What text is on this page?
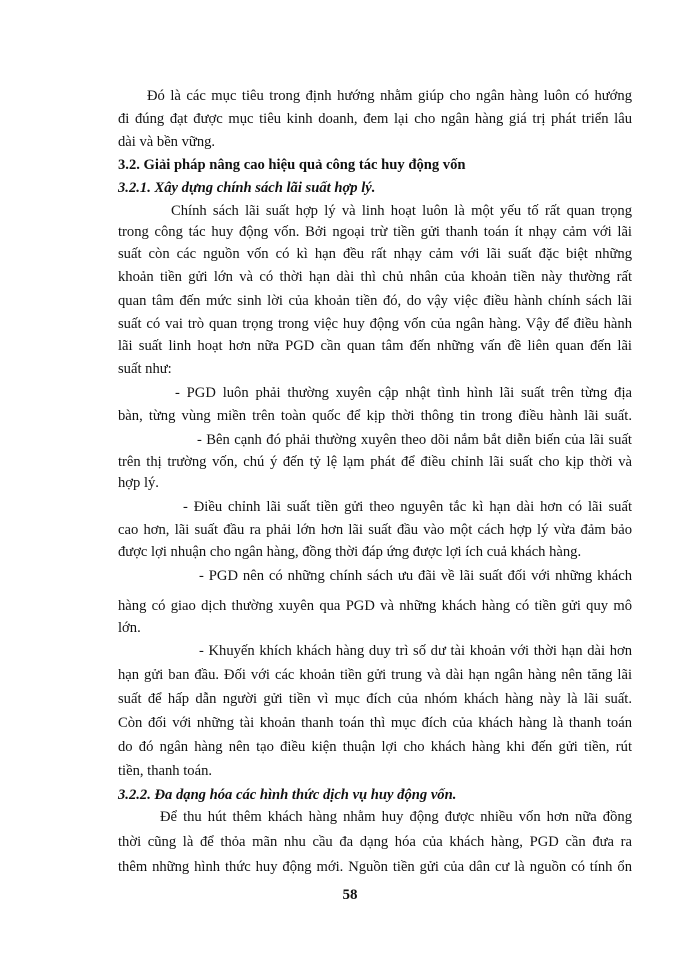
Đó là các mục tiêu trong định hướng nhằm giúp cho ngân hàng luôn có hướng
đi đúng đạt được mục tiêu kinh doanh, đem lại cho ngân hàng giá trị phát triển lâu
dài và bền vững.
3.2. Giải pháp nâng cao hiệu quả công tác huy động vốn
3.2.1. Xây dựng chính sách lãi suất hợp lý.
Chính sách lãi suất hợp lý và linh hoạt luôn là một yếu tố rất quan trọng
trong công tác huy động vốn. Bởi ngoại trừ tiền gửi thanh toán ít nhạy cảm với lãi
suất còn các nguồn vốn có kì hạn đều rất nhạy cảm với lãi suất đặc biệt những
khoản tiền gửi lớn và có thời hạn dài thì chủ nhân của khoản tiền này thường rất
quan tâm đến mức sinh lời của khoản tiền đó, do vậy việc điều hành chính sách lãi
suất có vai trò quan trọng trong việc huy động vốn của ngân hàng. Vậy để điều hành
lãi suất linh hoạt hơn nữa PGD cần quan tâm đến những vấn đề liên quan đến lãi
suất như:
- PGD luôn phải thường xuyên cập nhật tình hình lãi suất trên từng địa
bàn, từng vùng miền trên toàn quốc để kịp thời thông tin trong điều hành lãi suất.
- Bên cạnh đó phải thường xuyên theo dõi nắm bắt diễn biến của lãi suất
trên thị trường vốn, chú ý đến tỷ lệ lạm phát để điều chỉnh lãi suất cho kịp thời và
hợp lý.
- Điều chỉnh lãi suất tiền gửi theo nguyên tắc kì hạn dài hơn có lãi suất
cao hơn, lãi suất đầu ra phải lớn hơn lãi suất đầu vào một cách hợp lý vừa đảm bảo
được lợi nhuận cho ngân hàng, đồng thời đáp ứng được lợi ích cuả khách hàng.
- PGD nên có những chính sách ưu đãi về lãi suất đối với những khách
hàng có giao dịch thường xuyên qua PGD và những khách hàng có tiền gửi quy mô
lớn.
- Khuyến khích khách hàng duy trì số dư tài khoản với thời hạn dài hơn
hạn gửi ban đầu. Đối với các khoản tiền gửi trung và dài hạn ngân hàng nên tăng lãi
suất để hấp dẫn người gửi tiền vì mục đích của nhóm khách hàng này là lãi suất.
Còn đối với những tài khoản thanh toán thì mục đích của khách hàng là thanh toán
do đó ngân hàng nên tạo điều kiện thuận lợi cho khách hàng khi đến gửi tiền, rút
tiền, thanh toán.
3.2.2. Đa dạng hóa các hình thức dịch vụ huy động vốn.
Để thu hút thêm khách hàng nhằm huy động được nhiều vốn hơn nữa đồng
thời cũng là để thỏa mãn nhu cầu đa dạng hóa của khách hàng, PGD cần đưa ra
thêm những hình thức huy động mới. Nguồn tiền gửi của dân cư là nguồn có tính ổn
58
